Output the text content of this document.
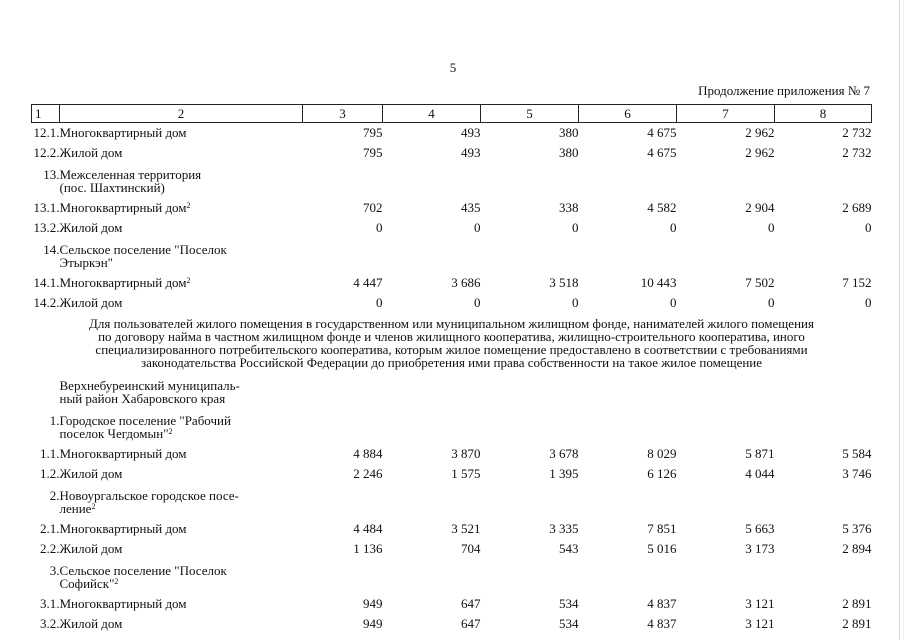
5
Продолжение приложения № 7
1	2	3	4	5	6	7	8
12.1.	Многоквартирный дом	795	493	380	4 675	2 962	2 732
12.2.	Жилой дом	795	493	380	4 675	2 962	2 732
13.	Межселенная территория
(пос. Шахтинский)						

13.1.	Многоквартирный дом$^2$	702	435	338	4 582	2 904	2 689
13.2.	Жилой дом	0	0	0	0	0	0
14.	Сельское поселение "Поселок
Этыркэн"						

14.1.	Многоквартирный дом$^2$	4 447	3 686	3 518	10 443	7 502	7 152
14.2.	Жилой дом	0	0	0	0	0	0

Для пользователей жилого помещения в государственном или муниципальном жилищном фонде, нанимателей жилого помещения
по договору найма в частном жилищном фонде и членов жилищного кооператива, жилищно-строительного кооператива, иного
специализированного потребительского кооператива, которым жилое помещение предоставлено в соответствии с требованиями
законодательства Российской Федерации до приобретения ими права собственности на такое жилое помещение							

	Верхнебуреинский муниципаль-
ный район Хабаровского края						

1.	Городское поселение "Рабочий
поселок Чегдомын"$^2$

1.1.	Многоквартирный дом	4 884	3 870	3 678	8 029	5 871	5 584
1.2.	Жилой дом	2 246	1 575	1 395	6 126	4 044	3 746
2.	Новоургальское городское посе-
ление$^2$

2.1.	Многоквартирный дом	4 484	3 521	3 335	7 851	5 663	5 376
2.2.	Жилой дом	1 136	704	543	5 016	3 173	2 894
3.	Сельское поселение "Поселок
Софийск"$^2$

3.1.	Многоквартирный дом	949	647	534	4 837	3 121	2 891
3.2.	Жилой дом	949	647	534	4 837	3 121	2 891
